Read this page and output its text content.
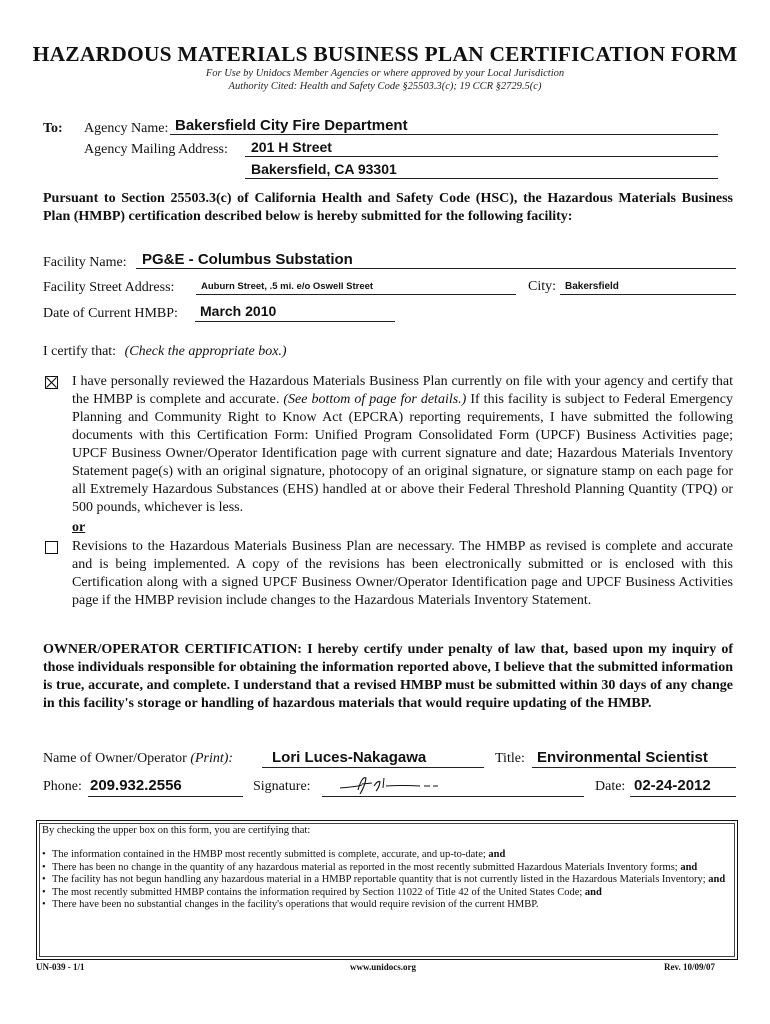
HAZARDOUS MATERIALS BUSINESS PLAN CERTIFICATION FORM
For Use by Unidocs Member Agencies or where approved by your Local Jurisdiction
Authority Cited: Health and Safety Code §25503.3(c); 19 CCR §2729.5(c)
To: Agency Name: Bakersfield City Fire Department
Agency Mailing Address: 201 H Street
Bakersfield, CA 93301
Pursuant to Section 25503.3(c) of California Health and Safety Code (HSC), the Hazardous Materials Business Plan (HMBP) certification described below is hereby submitted for the following facility:
Facility Name: PG&E - Columbus Substation
Facility Street Address:	Auburn Street, .5 mi. e/o Oswell Street	City: Bakersfield
Date of Current HMBP: March 2010
I certify that: (Check the appropriate box.)
I have personally reviewed the Hazardous Materials Business Plan currently on file with your agency and certify that the HMBP is complete and accurate. (See bottom of page for details.) If this facility is subject to Federal Emergency Planning and Community Right to Know Act (EPCRA) reporting requirements, I have submitted the following documents with this Certification Form: Unified Program Consolidated Form (UPCF) Business Activities page; UPCF Business Owner/Operator Identification page with current signature and date; Hazardous Materials Inventory Statement page(s) with an original signature, photocopy of an original signature, or signature stamp on each page for all Extremely Hazardous Substances (EHS) handled at or above their Federal Threshold Planning Quantity (TPQ) or 500 pounds, whichever is less.
or
Revisions to the Hazardous Materials Business Plan are necessary. The HMBP as revised is complete and accurate and is being implemented. A copy of the revisions has been electronically submitted or is enclosed with this Certification along with a signed UPCF Business Owner/Operator Identification page and UPCF Business Activities page if the HMBP revision include changes to the Hazardous Materials Inventory Statement.
OWNER/OPERATOR CERTIFICATION: I hereby certify under penalty of law that, based upon my inquiry of those individuals responsible for obtaining the information reported above, I believe that the submitted information is true, accurate, and complete. I understand that a revised HMBP must be submitted within 30 days of any change in this facility's storage or handling of hazardous materials that would require updating of the HMBP.
Name of Owner/Operator (Print):	Lori Luces-Nakagawa	Title: Environmental Scientist
Phone: 209.932.2556	Signature:	Date: 02-24-2012
By checking the upper box on this form, you are certifying that:
• The information contained in the HMBP most recently submitted is complete, accurate, and up-to-date; and
• There has been no change in the quantity of any hazardous material as reported in the most recently submitted Hazardous Materials Inventory forms; and
• The facility has not begun handling any hazardous material in a HMBP reportable quantity that is not currently listed in the Hazardous Materials Inventory; and
• The most recently submitted HMBP contains the information required by Section 11022 of Title 42 of the United States Code; and
• There have been no substantial changes in the facility's operations that would require revision of the current HMBP.
UN-039 - 1/1	www.unidocs.org	Rev. 10/09/07
